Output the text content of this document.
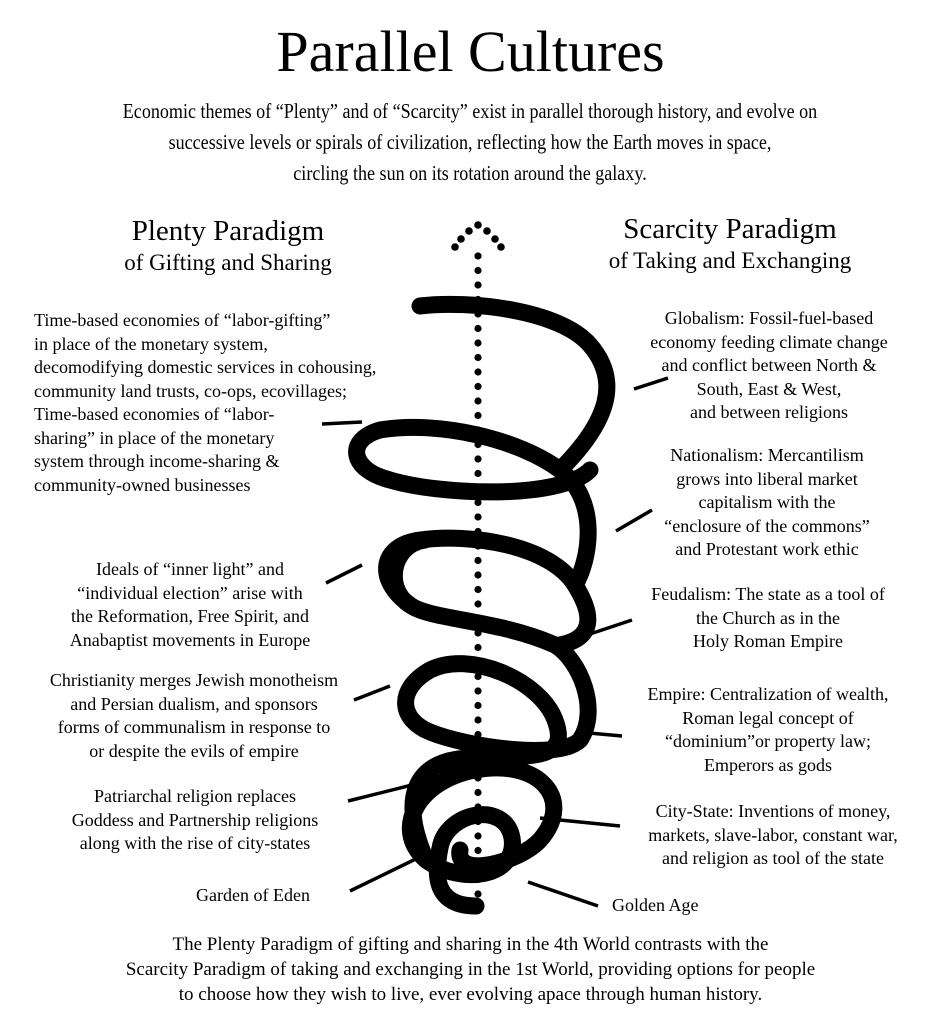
Parallel Cultures
Economic themes of “Plenty” and of “Scarcity” exist in parallel thorough history, and evolve on
successive levels or spirals of civilization, reflecting how the Earth moves in space,
circling the sun on its rotation around the galaxy.
Plenty Paradigm
of Gifting and Sharing
Scarcity Paradigm
of Taking and Exchanging
Time-based economies of “labor-gifting”
in place of the monetary system,
decomodifying domestic services in cohousing,
community land trusts, co-ops, ecovillages;
Time-based economies of “labor-
sharing” in place of the monetary
system through income-sharing &
community-owned businesses
Ideals of “inner light” and
“individual election” arise with
the Reformation, Free Spirit, and
Anabaptist movements in Europe
Christianity merges Jewish monotheism
and Persian dualism, and sponsors
forms of communalism in response to
or despite the evils of empire
Patriarchal religion replaces
Goddess and Partnership religions
along with the rise of city-states
Garden of Eden
Globalism: Fossil-fuel-based
economy feeding climate change
and conflict between North &
South, East & West,
and between religions
Nationalism: Mercantilism
grows into liberal market
capitalism with the
“enclosure of the commons”
and Protestant work ethic
Feudalism: The state as a tool of
the Church as in the
Holy Roman Empire
Empire: Centralization of wealth,
Roman legal concept of
“dominium”or property law;
Emperors as gods
City-State: Inventions of money,
markets, slave-labor, constant war,
and religion as tool of the state
Golden Age
The Plenty Paradigm of gifting and sharing in the 4th World contrasts with the
Scarcity Paradigm of taking and exchanging in the 1st World, providing options for people
to choose how they wish to live, ever evolving apace through human history.
